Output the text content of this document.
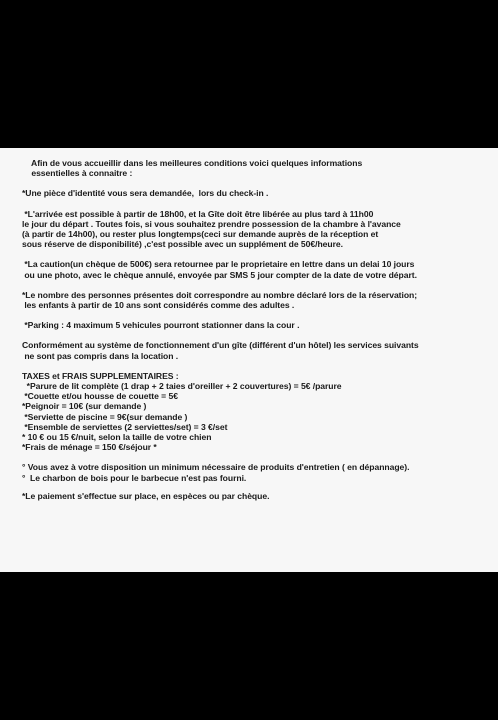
Afin de vous accueillir dans les meilleures conditions voici quelques informations

essentielles à connaitre :

*Une pièce d'identité vous sera demandée,  lors du check-in .

*L'arrivée est possible à partir de 18h00, et la Gîte doit être libérée au plus tard à 11h00

le jour du départ . Toutes fois, si vous souhaitez prendre possession de la chambre à l'avance

(à partir de 14h00), ou rester plus longtemps(ceci sur demande auprès de la réception et

sous réserve de disponibilité) ,c'est possible avec un supplément de 50€/heure.

*La caution(un chèque de 500€) sera retournee par le proprietaire en lettre dans un delai 10 jours

ou une photo, avec le chèque annulé, envoyée par SMS 5 jour compter de la date de votre départ.

*Le nombre des personnes présentes doit correspondre au nombre déclaré lors de la réservation;

les enfants à partir de 10 ans sont considérés comme des adultes .

*Parking : 4 maximum 5 vehicules pourront stationner dans la cour .

Conformément au système de fonctionnement d'un gîte (différent d'un hôtel) les services suivants

ne sont pas compris dans la location .

TAXES et FRAIS SUPPLEMENTAIRES :

*Parure de lit complète (1 drap + 2 taies d'oreiller + 2 couvertures) = 5€ /parure

*Couette et/ou housse de couette = 5€

*Peignoir = 10€ (sur demande )

*Serviette de piscine = 9€(sur demande )

*Ensemble de serviettes (2 serviettes/set) = 3 €/set

* 10 € ou 15 €/nuit, selon la taille de votre chien

*Frais de ménage = 150 €/séjour *

° Vous avez à votre disposition un minimum nécessaire de produits d'entretien ( en dépannage).

°  Le charbon de bois pour le barbecue n'est pas fourni.

*Le paiement s'effectue sur place, en espèces ou par chèque.
